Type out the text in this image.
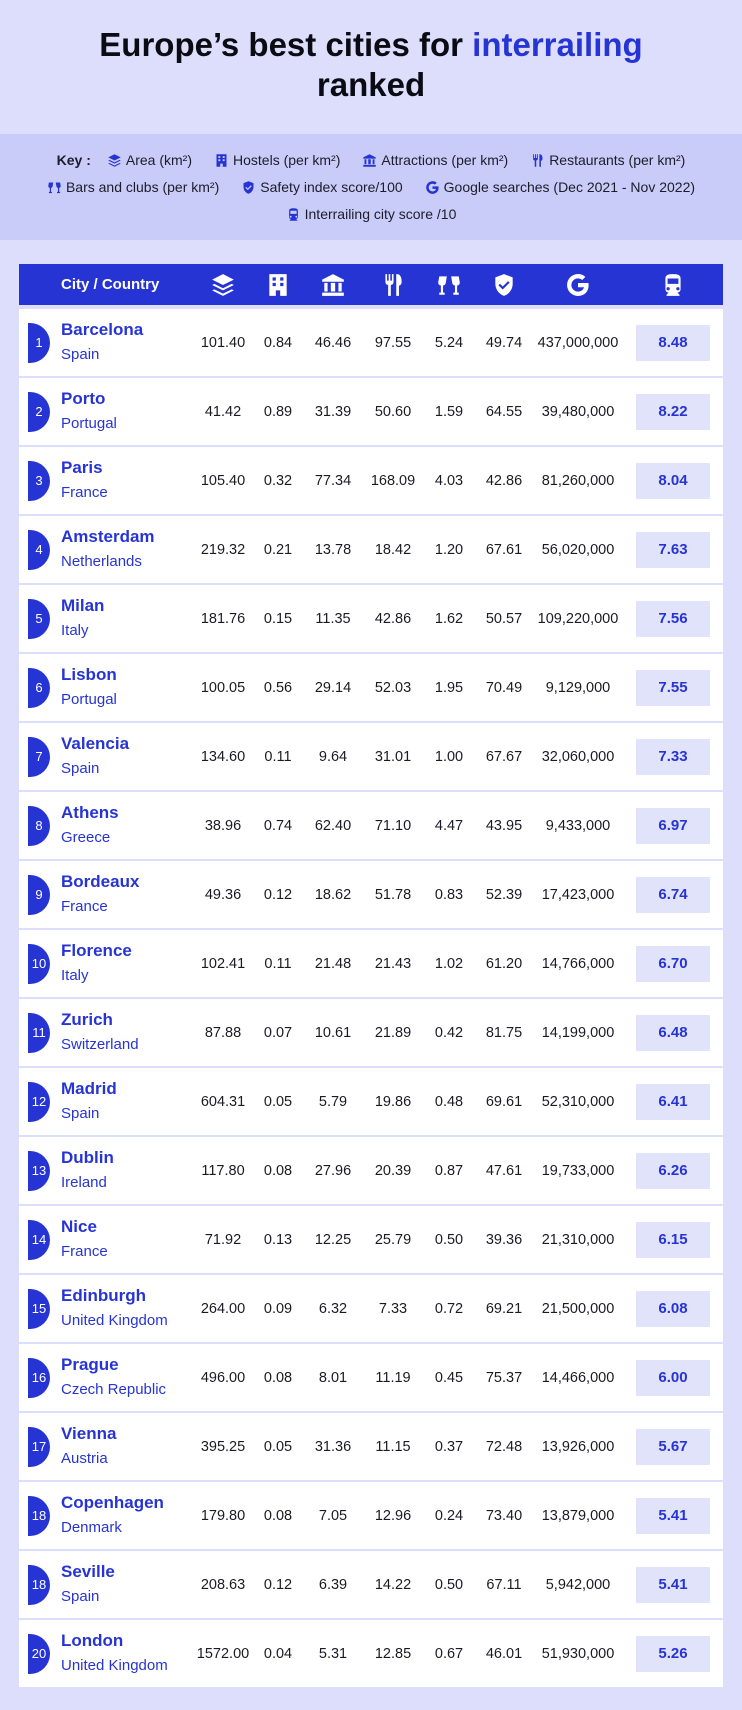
Europe’s best cities for interrailing
ranked
Key :	Area (km²)	Hostels (per km²)	Attractions (per km²)	Restaurants (per km²)
Bars and clubs (per km²)	Safety index score/100	Google searches (Dec 2021 - Nov 2022)
Interrailing city score /10
City / Country
1
Barcelona
Spain
101.40	0.84	46.46	97.55	5.24	49.74	437,000,000	8.48
2
Porto
Portugal
41.42	0.89	31.39	50.60	1.59	64.55	39,480,000	8.22
3
Paris
France
105.40	0.32	77.34	168.09	4.03	42.86	81,260,000	8.04
4
Amsterdam
Netherlands
219.32	0.21	13.78	18.42	1.20	67.61	56,020,000	7.63
5
Milan
Italy
181.76	0.15	11.35	42.86	1.62	50.57	109,220,000	7.56
6
Lisbon
Portugal
100.05	0.56	29.14	52.03	1.95	70.49	9,129,000	7.55
7
Valencia
Spain
134.60	0.11	9.64	31.01	1.00	67.67	32,060,000	7.33
8
Athens
Greece
38.96	0.74	62.40	71.10	4.47	43.95	9,433,000	6.97
9
Bordeaux
France
49.36	0.12	18.62	51.78	0.83	52.39	17,423,000	6.74
10
Florence
Italy
102.41	0.11	21.48	21.43	1.02	61.20	14,766,000	6.70
11
Zurich
Switzerland
87.88	0.07	10.61	21.89	0.42	81.75	14,199,000	6.48
12
Madrid
Spain
604.31	0.05	5.79	19.86	0.48	69.61	52,310,000	6.41
13
Dublin
Ireland
117.80	0.08	27.96	20.39	0.87	47.61	19,733,000	6.26
14
Nice
France
71.92	0.13	12.25	25.79	0.50	39.36	21,310,000	6.15
15
Edinburgh
United Kingdom
264.00	0.09	6.32	7.33	0.72	69.21	21,500,000	6.08
16
Prague
Czech Republic
496.00	0.08	8.01	11.19	0.45	75.37	14,466,000	6.00
17
Vienna
Austria
395.25	0.05	31.36	11.15	0.37	72.48	13,926,000	5.67
18
Copenhagen
Denmark
179.80	0.08	7.05	12.96	0.24	73.40	13,879,000	5.41
18
Seville
Spain
208.63	0.12	6.39	14.22	0.50	67.11	5,942,000	5.41
20
London
United Kingdom
1572.00	0.04	5.31	12.85	0.67	46.01	51,930,000	5.26
